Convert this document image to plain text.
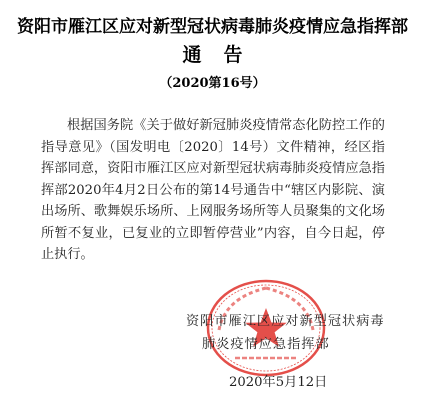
资阳市雁江区应对新型冠状病毒肺炎疫情应急指挥部
通告
（2020第16号）
根据国务院《关于做好新冠肺炎疫情常态化防控工作的指导意见》（国发明电〔2020〕14号）文件精神，经区指挥部同意，资阳市雁江区应对新型冠状病毒肺炎疫情应急指挥部2020年4月2日公布的第14号通告中“辖区内影院、演出场所、歌舞娱乐场所、上网服务场所等人员聚集的文化场所暂不复业，已复业的立即暂停营业”内容，自今日起，停止执行。
资阳市雁江区应对新型冠状病毒
肺炎疫情应急指挥部
2020年5月12日
